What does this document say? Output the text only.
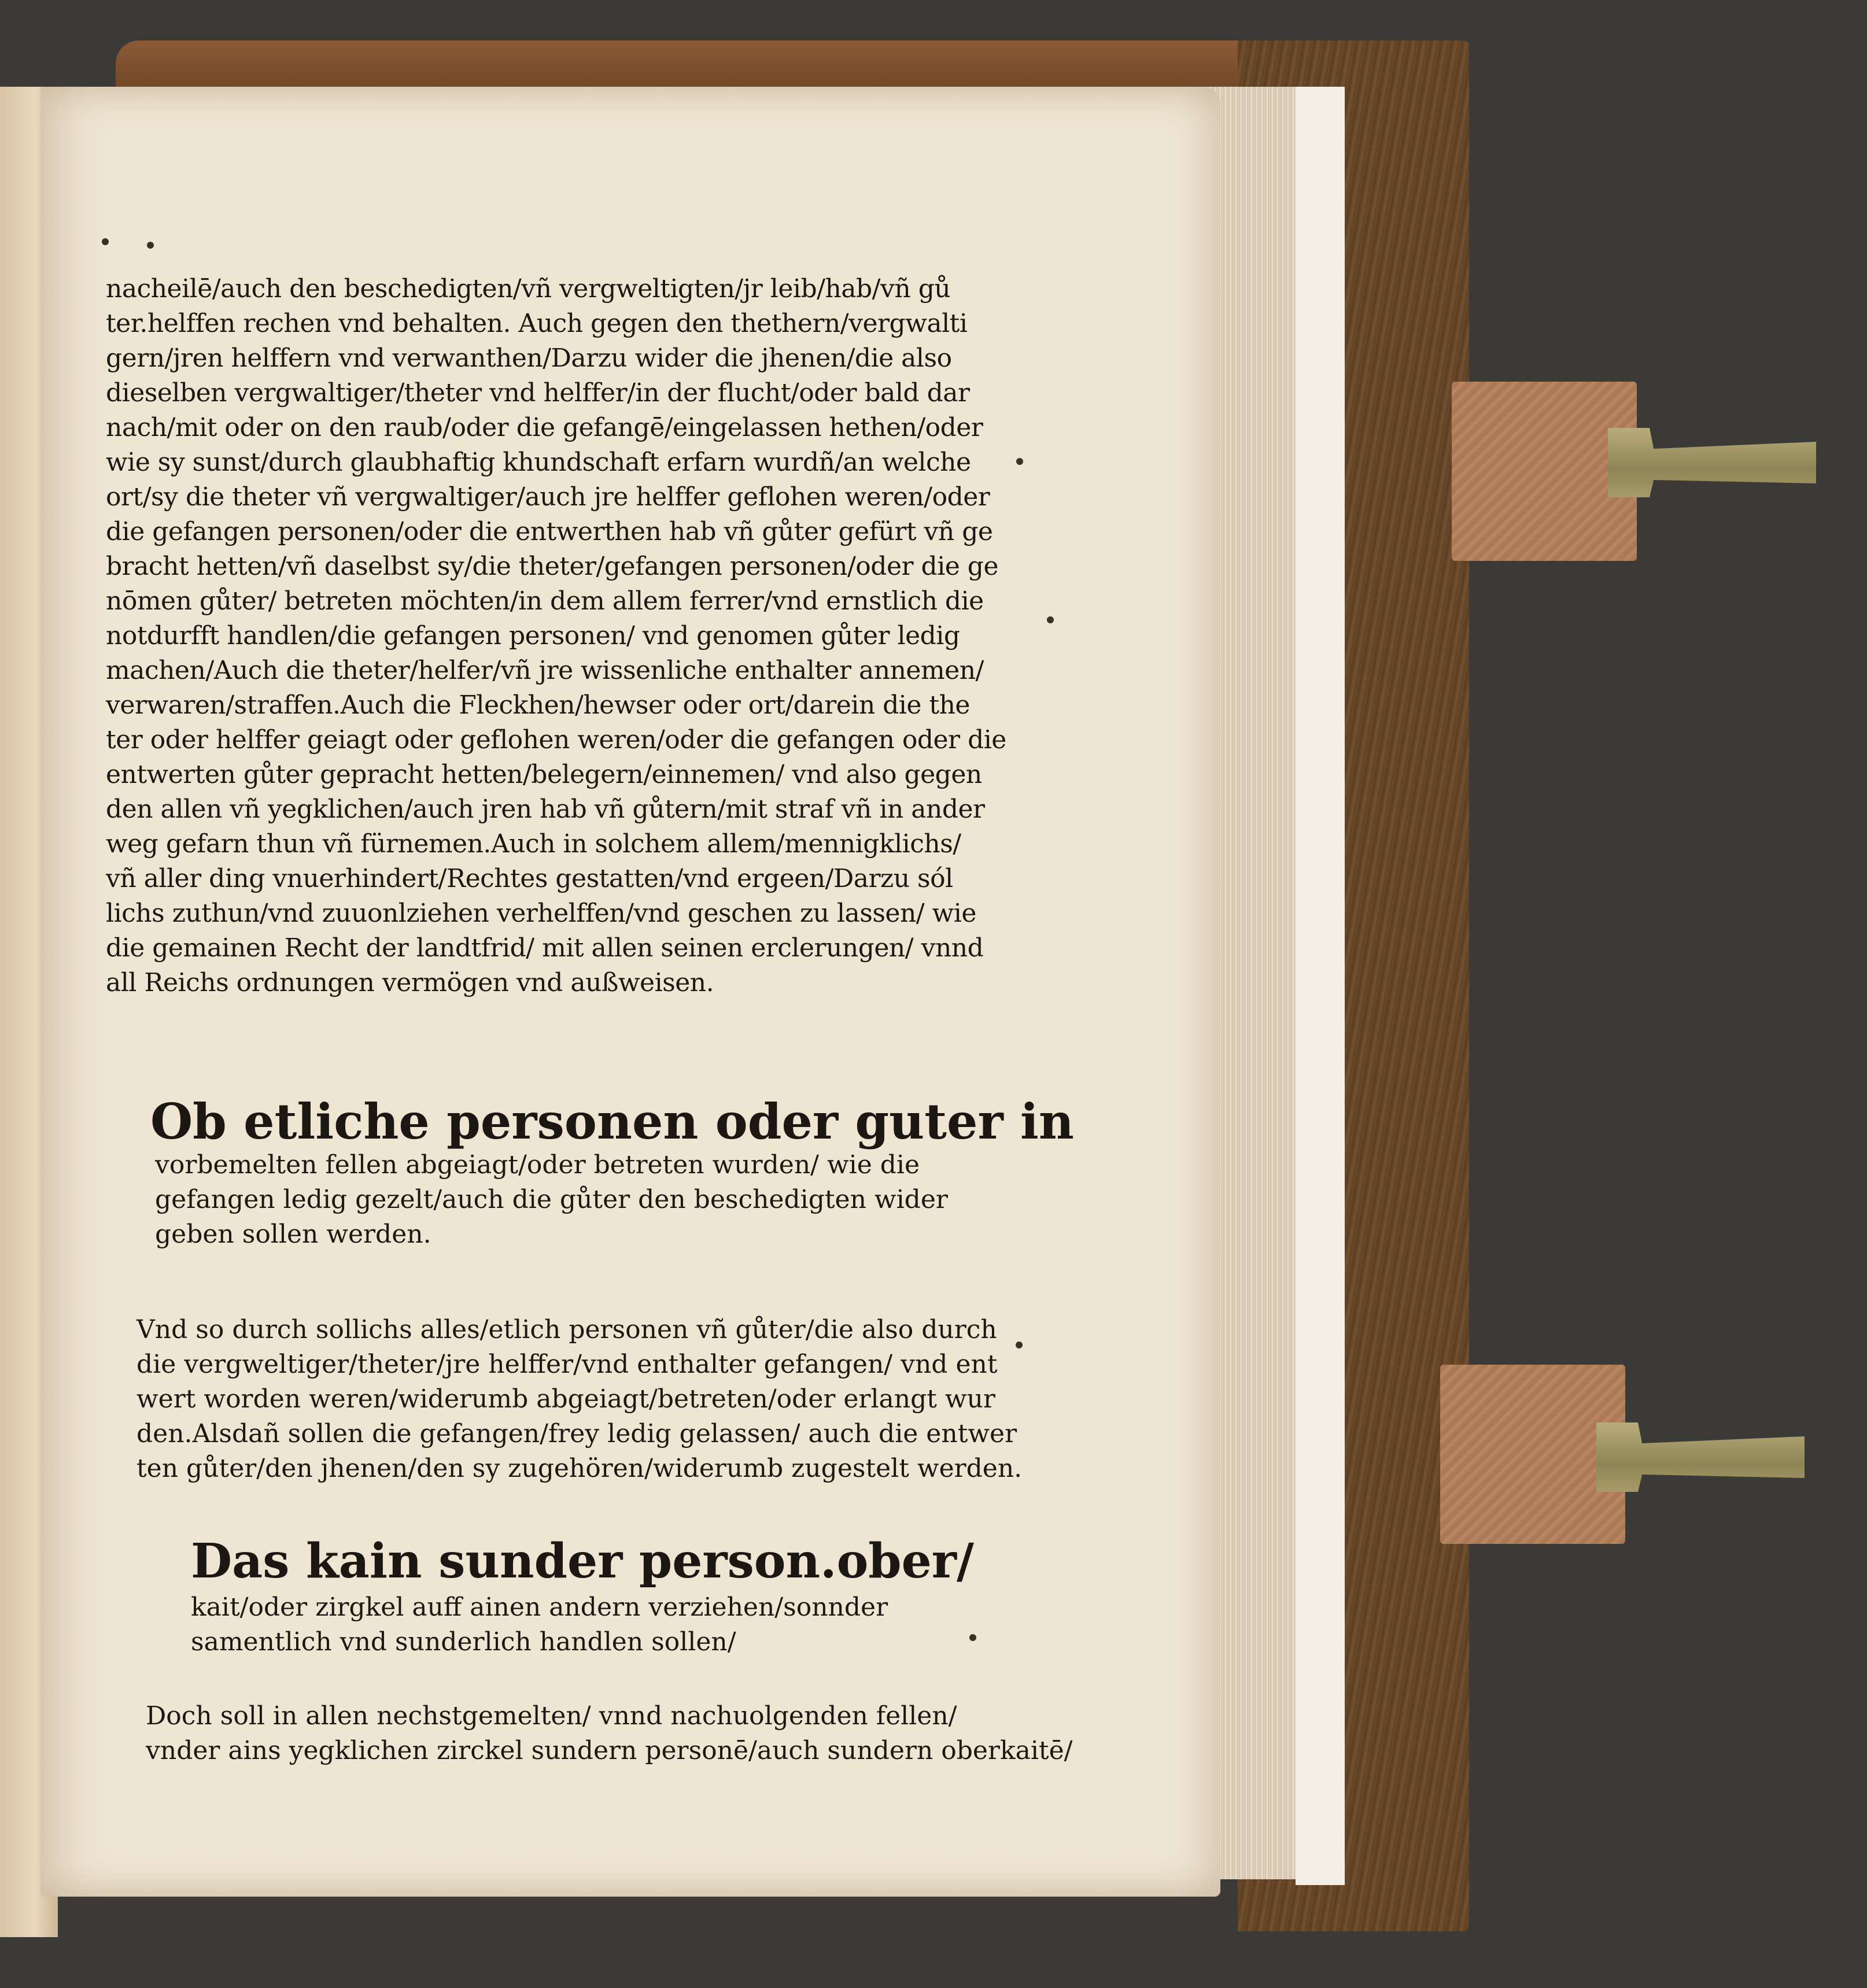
nacheilē/auch den beschedigten/vñ vergweltigten/jr leib/hab/vñ gů
ter.helffen rechen vnd behalten. Auch gegen den thethern/vergwalti
gern/jren helffern vnd verwanthen/Darzu wider die jhenen/die also
dieselben vergwaltiger/theter vnd helffer/in der flucht/oder bald dar
nach/mit oder on den raub/oder die gefangē/eingelassen hethen/oder
wie sy sunst/durch glaubhaftig khundschaft erfarn wurdñ/an welche
ort/sy die theter vñ vergwaltiger/auch jre helffer geflohen weren/oder
die gefangen personen/oder die entwerthen hab vñ gůter gefürt vñ ge
bracht hetten/vñ daselbst sy/die theter/gefangen personen/oder die ge
nōmen gůter/ betreten möchten/in dem allem ferrer/vnd ernstlich die
notdurfft handlen/die gefangen personen/ vnd genomen gůter ledig
machen/Auch die theter/helfer/vñ jre wissenliche enthalter annemen/
verwaren/straffen.Auch die Fleckhen/hewser oder ort/darein die the
ter oder helffer geiagt oder geflohen weren/oder die gefangen oder die
entwerten gůter gepracht hetten/belegern/einnemen/ vnd also gegen
den allen vñ yegklichen/auch jren hab vñ gůtern/mit straf vñ in ander
weg gefarn thun vñ fürnemen.Auch in solchem allem/mennigklichs/
vñ aller ding vnuerhindert/Rechtes gestatten/vnd ergeen/Darzu sól
lichs zuthun/vnd zuuonlziehen verhelffen/vnd geschen zu lassen/ wie
die gemainen Recht der landtfrid/ mit allen seinen erclerungen/ vnnd
all Reichs ordnungen vermögen vnd außweisen.
Ob etliche personen oder guter in
vorbemelten fellen abgeiagt/oder betreten wurden/ wie die
gefangen ledig gezelt/auch die gůter den beschedigten wider
geben sollen werden.
Vnd so durch sollichs alles/etlich personen vñ gůter/die also durch
die vergweltiger/theter/jre helffer/vnd enthalter gefangen/ vnd ent
wert worden weren/widerumb abgeiagt/betreten/oder erlangt wur
den.Alsdañ sollen die gefangen/frey ledig gelassen/ auch die entwer
ten gůter/den jhenen/den sy zugehören/widerumb zugestelt werden.
Das kain sunder person.ober/
kait/oder zirgkel auff ainen andern verziehen/sonnder
samentlich vnd sunderlich handlen sollen/
Doch soll in allen nechstgemelten/ vnnd nachuolgenden fellen/
vnder ains yegklichen zirckel sundern personē/auch sundern oberkaitē/
